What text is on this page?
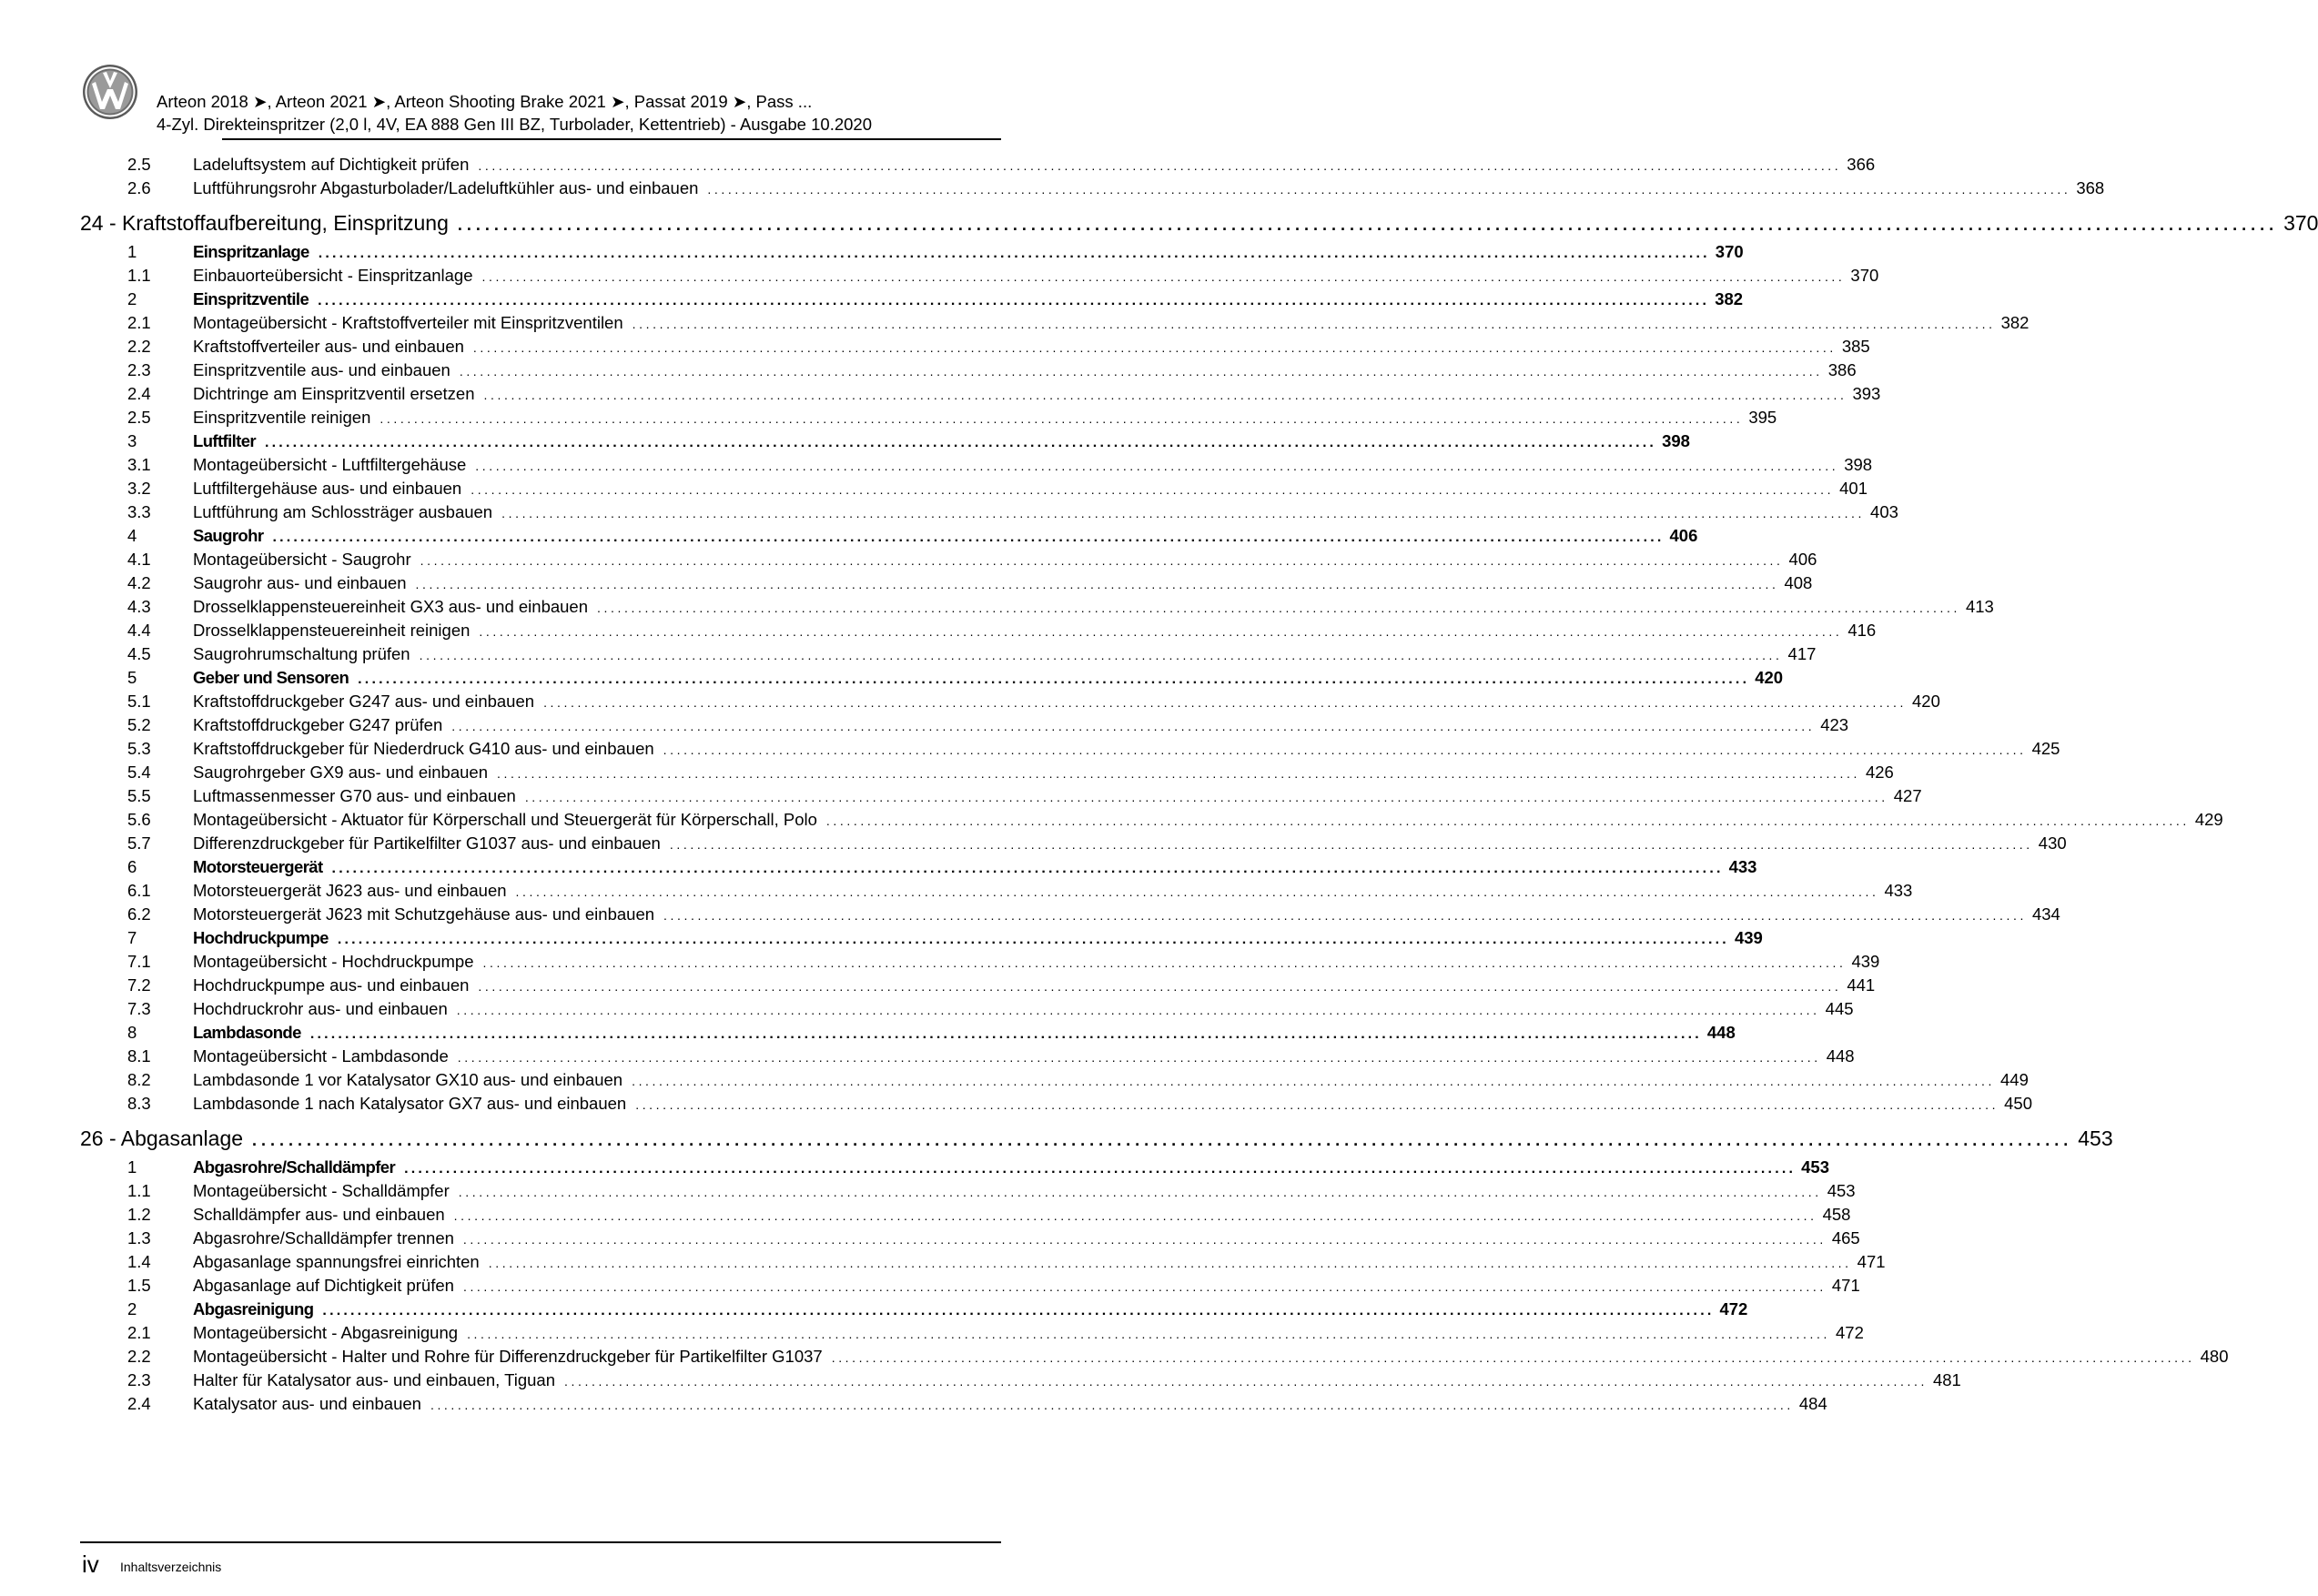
Arteon 2018 ➤, Arteon 2021 ➤, Arteon Shooting Brake 2021 ➤, Passat 2019 ➤, Pass ...
4-Zyl. Direkteinspritzer (2,0 l, 4V, EA 888 Gen III BZ, Turbolader, Kettentrieb) - Ausgabe 10.2020
2.5	Ladeluftsystem auf Dichtigkeit prüfen ........................................................................................................................................................................................................ 366
2.6	Luftführungsrohr Abgasturbolader/Ladeluftkühler aus- und einbauen ........................................................................................................................................................................................................ 368
24 - Kraftstoffaufbereitung, Einspritzung ........................................................................................................................................................................................................ 370
1	Einspritzanlage ........................................................................................................................................................................................................ 370
1.1	Einbauorteübersicht - Einspritzanlage ........................................................................................................................................................................................................ 370
2	Einspritzventile ........................................................................................................................................................................................................ 382
2.1	Montageübersicht - Kraftstoffverteiler mit Einspritzventilen ........................................................................................................................................................................................................ 382
2.2	Kraftstoffverteiler aus- und einbauen ........................................................................................................................................................................................................ 385
2.3	Einspritzventile aus- und einbauen ........................................................................................................................................................................................................ 386
2.4	Dichtringe am Einspritzventil ersetzen ........................................................................................................................................................................................................ 393
2.5	Einspritzventile reinigen ........................................................................................................................................................................................................ 395
3	Luftfilter ........................................................................................................................................................................................................ 398
3.1	Montageübersicht - Luftfiltergehäuse ........................................................................................................................................................................................................ 398
3.2	Luftfiltergehäuse aus- und einbauen ........................................................................................................................................................................................................ 401
3.3	Luftführung am Schlossträger ausbauen ........................................................................................................................................................................................................ 403
4	Saugrohr ........................................................................................................................................................................................................ 406
4.1	Montageübersicht - Saugrohr ........................................................................................................................................................................................................ 406
4.2	Saugrohr aus- und einbauen ........................................................................................................................................................................................................ 408
4.3	Drosselklappensteuereinheit GX3 aus- und einbauen ........................................................................................................................................................................................................ 413
4.4	Drosselklappensteuereinheit reinigen ........................................................................................................................................................................................................ 416
4.5	Saugrohrumschaltung prüfen ........................................................................................................................................................................................................ 417
5	Geber und Sensoren ........................................................................................................................................................................................................ 420
5.1	Kraftstoffdruckgeber G247 aus- und einbauen ........................................................................................................................................................................................................ 420
5.2	Kraftstoffdruckgeber G247 prüfen ........................................................................................................................................................................................................ 423
5.3	Kraftstoffdruckgeber für Niederdruck G410 aus- und einbauen ........................................................................................................................................................................................................ 425
5.4	Saugrohrgeber GX9 aus- und einbauen ........................................................................................................................................................................................................ 426
5.5	Luftmassenmesser G70 aus- und einbauen ........................................................................................................................................................................................................ 427
5.6	Montageübersicht - Aktuator für Körperschall und Steuergerät für Körperschall, Polo ........................................................................................................................................................................................................ 429
5.7	Differenzdruckgeber für Partikelfilter G1037 aus- und einbauen ........................................................................................................................................................................................................ 430
6	Motorsteuergerät ........................................................................................................................................................................................................ 433
6.1	Motorsteuergerät J623 aus- und einbauen ........................................................................................................................................................................................................ 433
6.2	Motorsteuergerät J623 mit Schutzgehäuse aus- und einbauen ........................................................................................................................................................................................................ 434
7	Hochdruckpumpe ........................................................................................................................................................................................................ 439
7.1	Montageübersicht - Hochdruckpumpe ........................................................................................................................................................................................................ 439
7.2	Hochdruckpumpe aus- und einbauen ........................................................................................................................................................................................................ 441
7.3	Hochdruckrohr aus- und einbauen ........................................................................................................................................................................................................ 445
8	Lambdasonde ........................................................................................................................................................................................................ 448
8.1	Montageübersicht - Lambdasonde ........................................................................................................................................................................................................ 448
8.2	Lambdasonde 1 vor Katalysator GX10 aus- und einbauen ........................................................................................................................................................................................................ 449
8.3	Lambdasonde 1 nach Katalysator GX7 aus- und einbauen ........................................................................................................................................................................................................ 450
26 - Abgasanlage ........................................................................................................................................................................................................ 453
1	Abgasrohre/Schalldämpfer ........................................................................................................................................................................................................ 453
1.1	Montageübersicht - Schalldämpfer ........................................................................................................................................................................................................ 453
1.2	Schalldämpfer aus- und einbauen ........................................................................................................................................................................................................ 458
1.3	Abgasrohre/Schalldämpfer trennen ........................................................................................................................................................................................................ 465
1.4	Abgasanlage spannungsfrei einrichten ........................................................................................................................................................................................................ 471
1.5	Abgasanlage auf Dichtigkeit prüfen ........................................................................................................................................................................................................ 471
2	Abgasreinigung ........................................................................................................................................................................................................ 472
2.1	Montageübersicht - Abgasreinigung ........................................................................................................................................................................................................ 472
2.2	Montageübersicht - Halter und Rohre für Differenzdruckgeber für Partikelfilter G1037 ........................................................................................................................................................................................................ 480
2.3	Halter für Katalysator aus- und einbauen, Tiguan ........................................................................................................................................................................................................ 481
2.4	Katalysator aus- und einbauen ........................................................................................................................................................................................................ 484
iv Inhaltsverzeichnis
